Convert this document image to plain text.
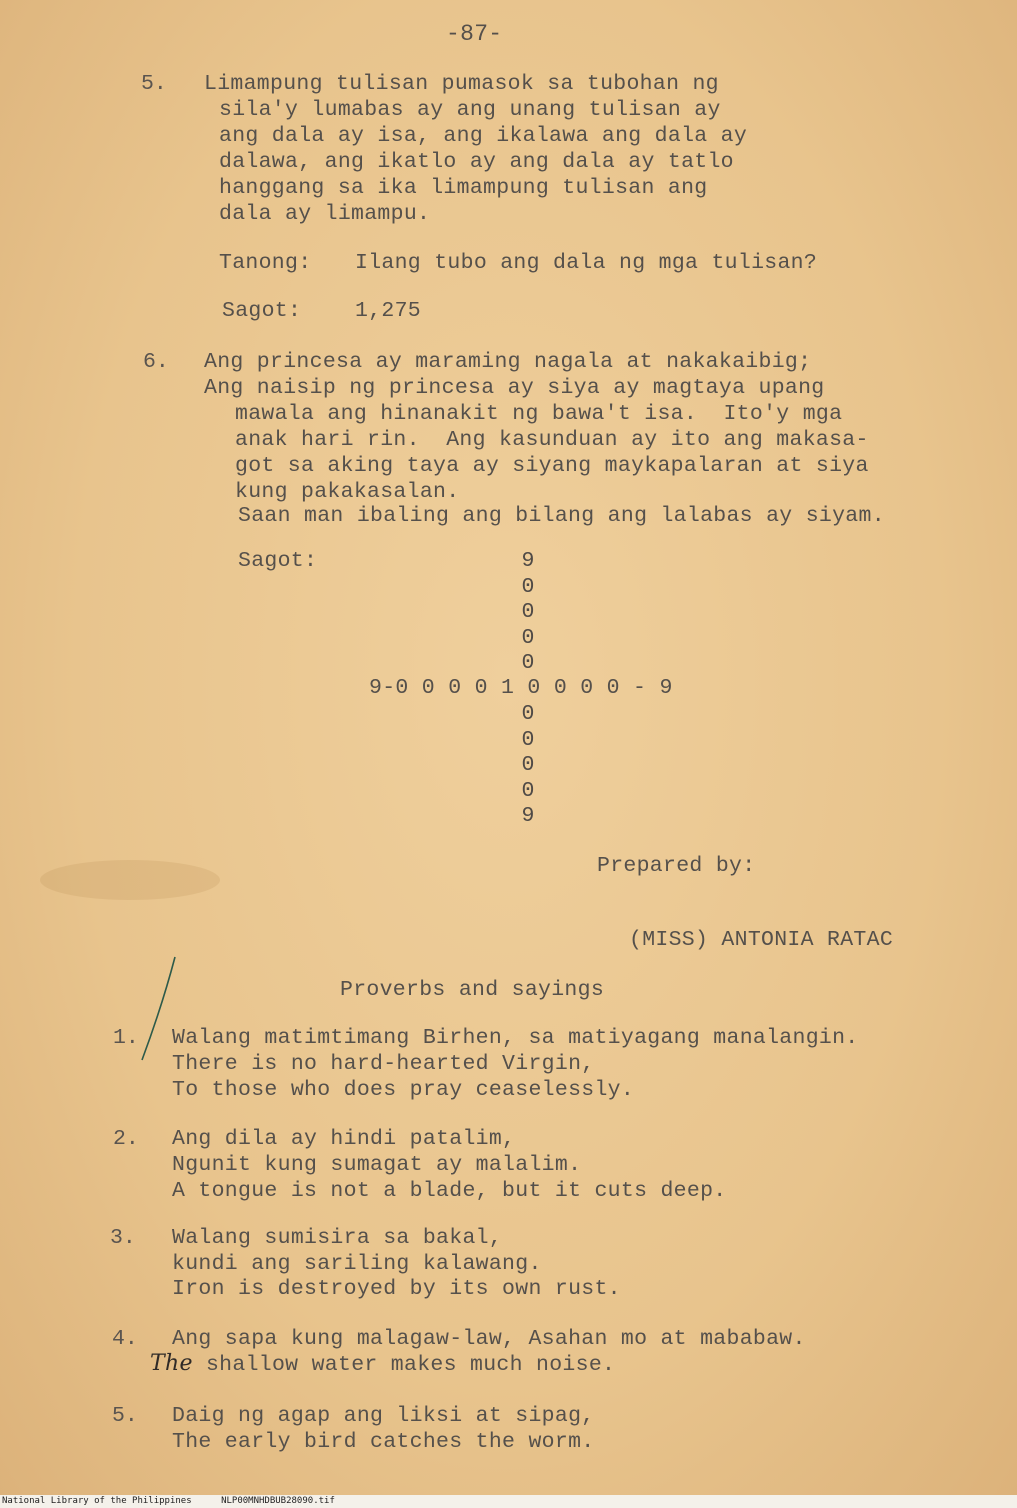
-87-
5. Limampung tulisan pumasok sa tubohan ng
sila'y lumabas ay ang unang tulisan ay
ang dala ay isa, ang ikalawa ang dala ay
dalawa, ang ikatlo ay ang dala ay tatlo
hanggang sa ika limampung tulisan ang
dala ay limampu.
Tanong: Ilang tubo ang dala ng mga tulisan?
Sagot:	1,275
6. Ang princesa ay maraming nagala at nakakaibig;
Ang naisip ng princesa ay siya ay magtaya upang
mawala ang hinanakit ng bawa't isa.  Ito'y mga
anak hari rin.  Ang kasunduan ay ito ang makasa-
got sa aking taya ay siyang maykapalaran at siya
kung pakakasalan.
Saan man ibaling ang bilang ang lalabas ay siyam.
Sagot:	9
0
0
0
0
9-0 0 0 0 1 0 0 0 0 - 9
0
0
0
0
9
Prepared by:
(MISS) ANTONIA RATAC
Proverbs and sayings
1. Walang matimtimang Birhen, sa matiyagang manalangin.
There is no hard-hearted Virgin,
To those who does pray ceaselessly.
2. Ang dila ay hindi patalim,
Ngunit kung sumagat ay malalim.
A tongue is not a blade, but it cuts deep.
3. Walang sumisira sa bakal,
kundi ang sariling kalawang.
Iron is destroyed by its own rust.
4. Ang sapa kung malagaw-law, Asahan mo at mababaw.
The shallow water makes much noise.
5. Daig ng agap ang liksi at sipag,
The early bird catches the worm.
National Library of the Philippines	NLP00MNHDBUB28090.tif
